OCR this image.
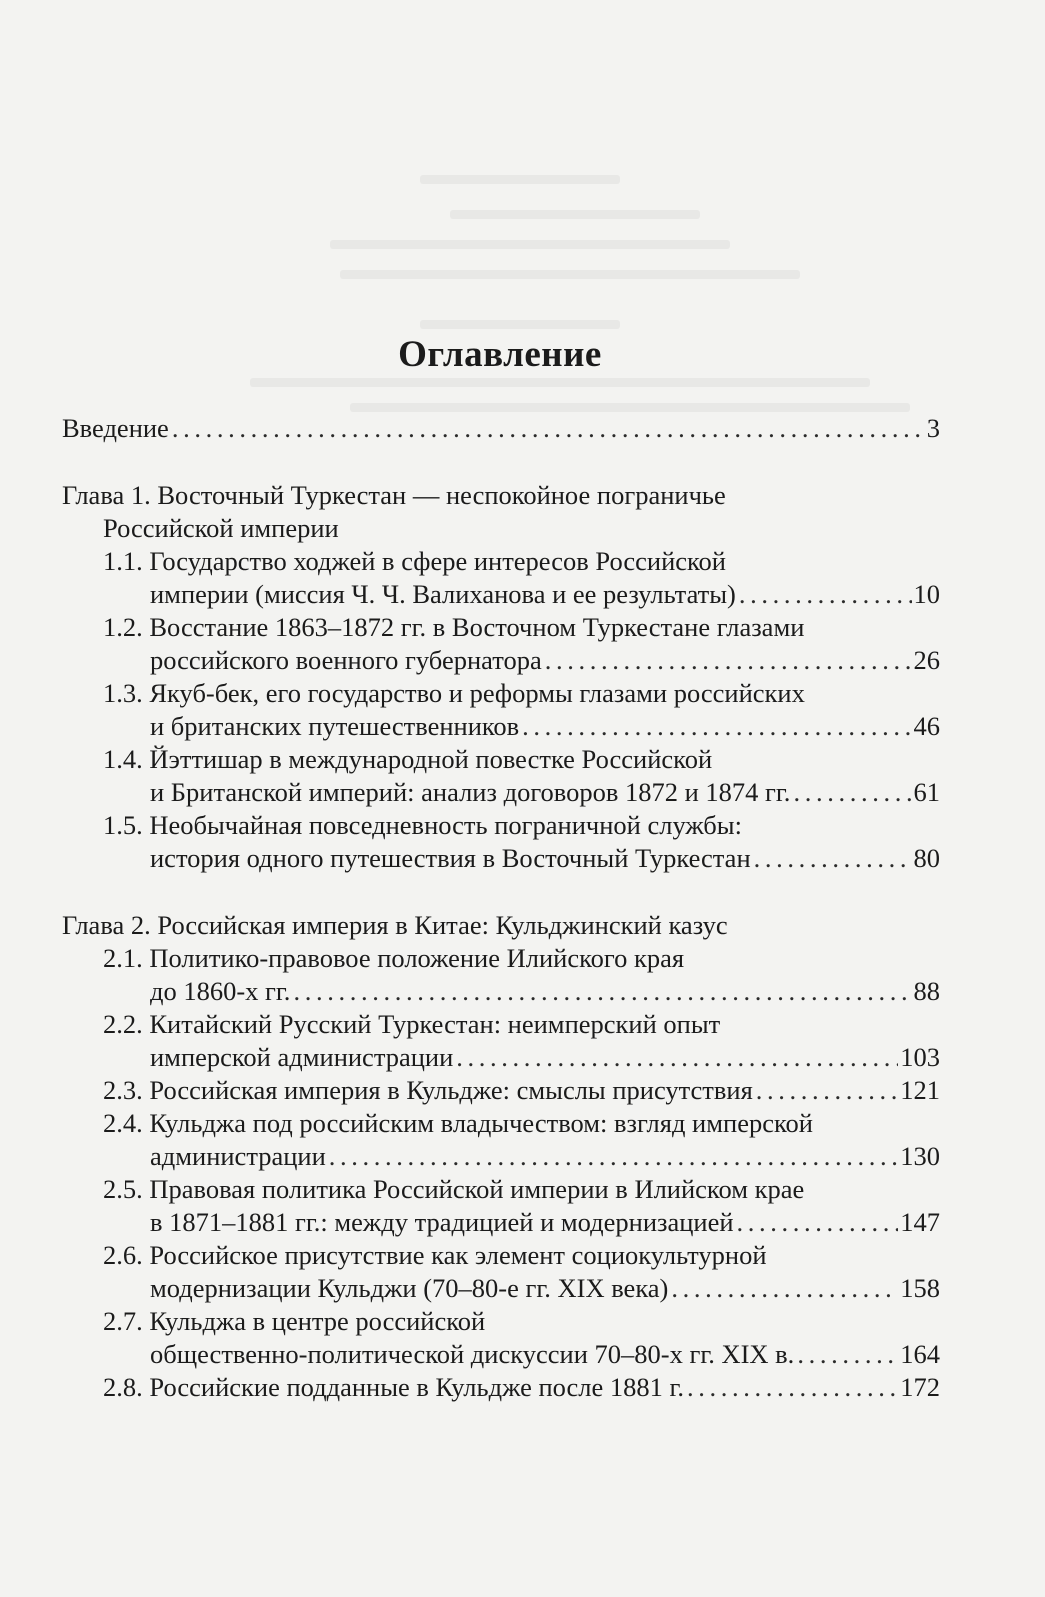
Оглавление
Введение . . .	3
Глава 1. Восточный Туркестан — неспокойное пограничье
Российской империи
1.1. Государство ходжей в сфере интересов Российской
империи (миссия Ч. Ч. Валиханова и ее результаты) . . .	10
1.2. Восстание 1863–1872 гг. в Восточном Туркестане глазами
российского военного губернатора . . .	26
1.3. Якуб-бек, его государство и реформы глазами российских
и британских путешественников . . .	46
1.4. Йэттишар в международной повестке Российской
и Британской империй: анализ договоров 1872 и 1874 гг. . . .	61
1.5. Необычайная повседневность пограничной службы:
история одного путешествия в Восточный Туркестан . . .	80
Глава 2. Российская империя в Китае: Кульджинский казус
2.1. Политико-правовое положение Илийского края
до 1860-х гг. . . .	88
2.2. Китайский Русский Туркестан: неимперский опыт
имперской администрации . . .	103
2.3. Российская империя в Кульдже: смыслы присутствия . . .	121
2.4. Кульджа под российским владычеством: взгляд имперской
администрации . . .	130
2.5. Правовая политика Российской империи в Илийском крае
в 1871–1881 гг.: между традицией и модернизацией . . .	147
2.6. Российское присутствие как элемент социокультурной
модернизации Кульджи (70–80-е гг. XIX века) . . .	158
2.7. Кульджа в центре российской
общественно-политической дискуссии 70–80-х гг. XIX в. . . .	164
2.8. Российские подданные в Кульдже после 1881 г. . . .	172
